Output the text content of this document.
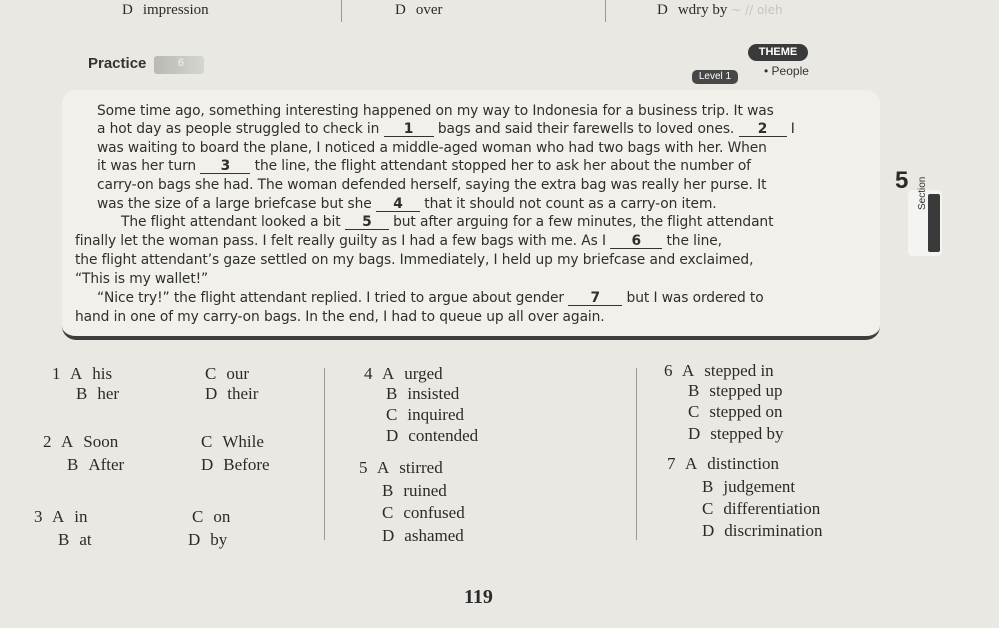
D impression	D over	D wdry by ~ // oleh
Practice	6
THEME
Level 1	• People
Some time ago, something interesting happened on my way to Indonesia for a business trip. It was
a hot day as people struggled to check in 1 bags and said their farewells to loved ones. 2 I
was waiting to board the plane, I noticed a middle-aged woman who had two bags with her. When
it was her turn 3 the line, the flight attendant stopped her to ask her about the number of
carry-on bags she had. The woman defended herself, saying the extra bag was really her purse. It
was the size of a large briefcase but she 4 that it should not count as a carry-on item.
The flight attendant looked a bit 5 but after arguing for a few minutes, the flight attendant
finally let the woman pass. I felt really guilty as I had a few bags with me. As I 6 the line,
the flight attendant’s gaze settled on my bags. Immediately, I held up my briefcase and exclaimed,
“This is my wallet!”
“Nice try!” the flight attendant replied. I tried to argue about gender 7 but I was ordered to
hand in one of my carry-on bags. In the end, I had to queue up all over again.
5 Section
1 A his	C our
B her	D their
2 A Soon	C While
B After	D Before
3 A in	C on
B at	D by
4 A urged
B insisted
C inquired
D contended
5 A stirred
B ruined
C confused
D ashamed
6 A stepped in
B stepped up
C stepped on
D stepped by
7 A distinction
B judgement
C differentiation
D discrimination
119
